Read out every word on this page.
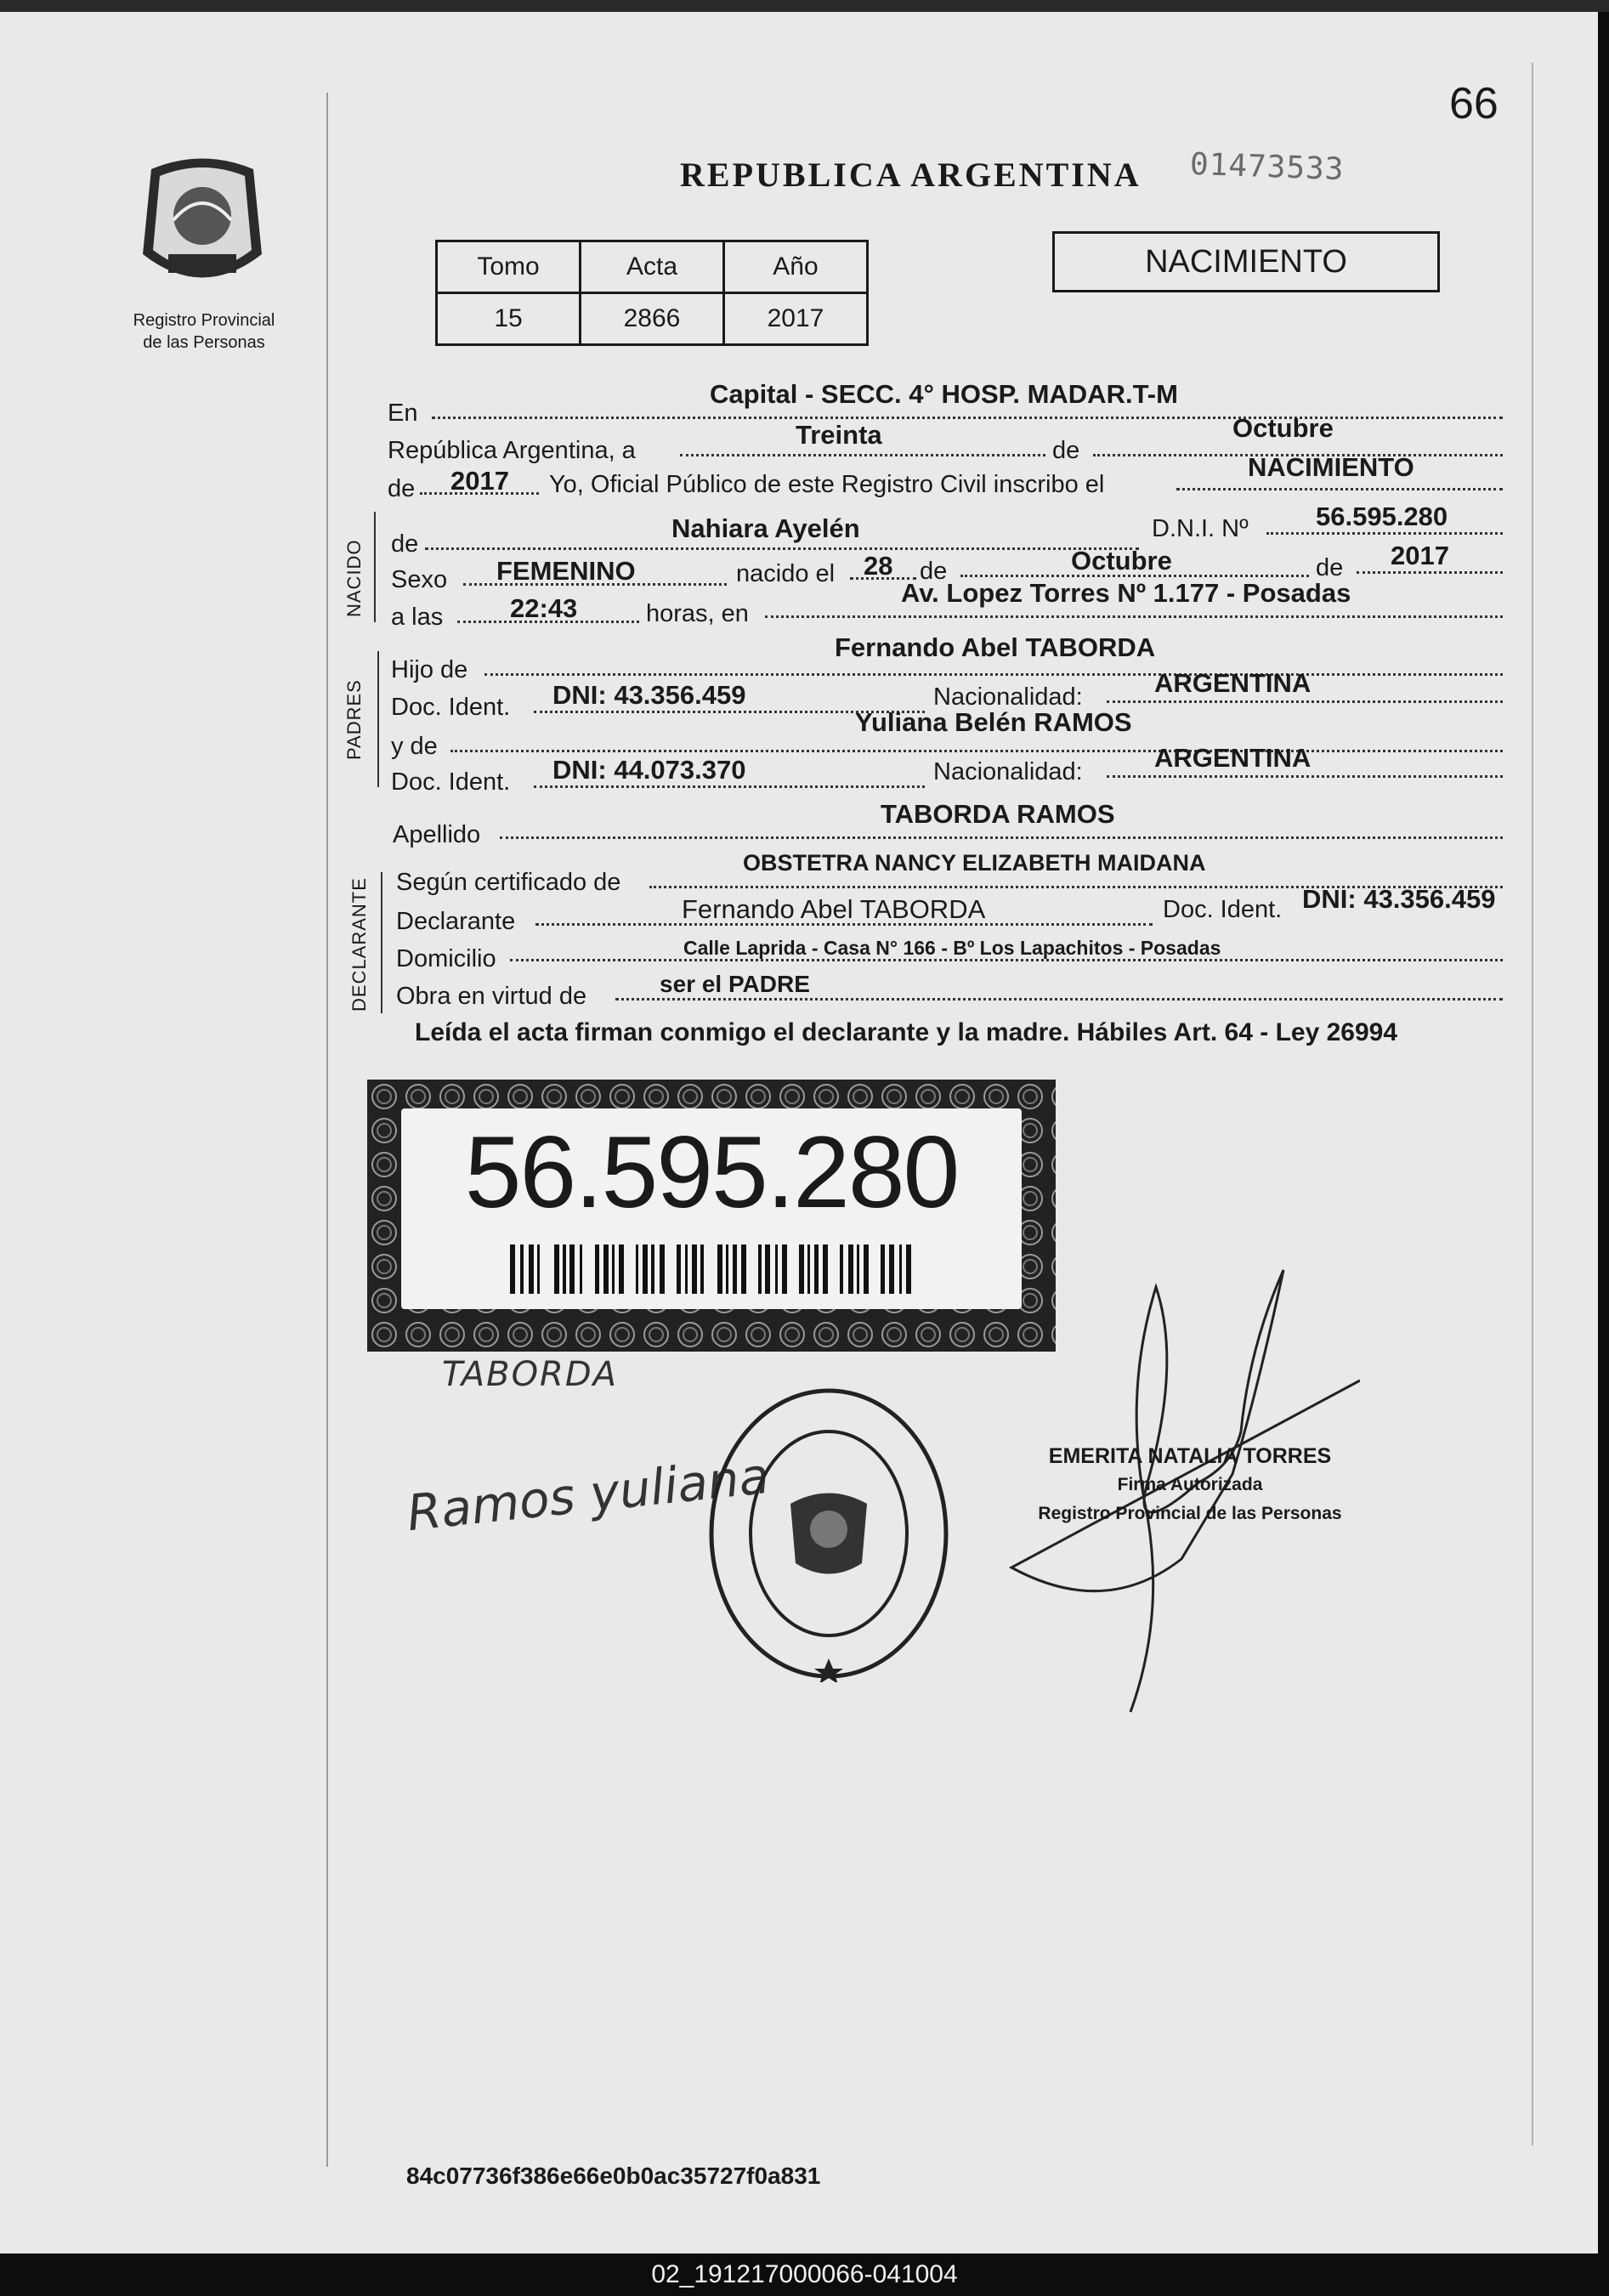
66
Registro Provincial
de las Personas
REPUBLICA ARGENTINA 01473533
Tomo	Acta	Año
15	2866	2017
NACIMIENTO
En
Capital - SECC. 4° HOSP. MADAR.T-M
República Argentina, a
Treinta
de
Octubre
de 2017 Yo, Oficial Público de este Registro Civil inscribo el
NACIMIENTO
NACIDO de
Nahiara Ayelén	D.N.I. Nº	56.595.280
Sexo FEMENINO	nacido el 28 de	Octubre	de 2017
a las	22:43	horas, en
Av. Lopez Torres Nº 1.177 - Posadas
PADRES
Hijo de
Fernando Abel TABORDA
Doc. Ident. DNI: 43.356.459	Nacionalidad:	ARGENTINA
y de
Yuliana Belén RAMOS
Doc. Ident. DNI: 44.073.370	Nacionalidad:	ARGENTINA
Apellido
TABORDA RAMOS
DECLARANTE Según certificado de
OBSTETRA NANCY ELIZABETH MAIDANA
Declarante	Fernando Abel TABORDA	Doc. Ident. DNI: 43.356.459
Domicilio	Calle Laprida - Casa N° 166 - Bº Los Lapachitos - Posadas
Obra en virtud de	ser el PADRE
Leída el acta firman conmigo el declarante y la madre. Hábiles Art. 64 - Ley 26994
56.595.280
TABORDA
Ramos yuliana	EMERITA NATALIA TORRES
Firma Autorizada
Registro Provincial de las Personas
84c07736f386e66e0b0ac35727f0a831
02_191217000066-041004
